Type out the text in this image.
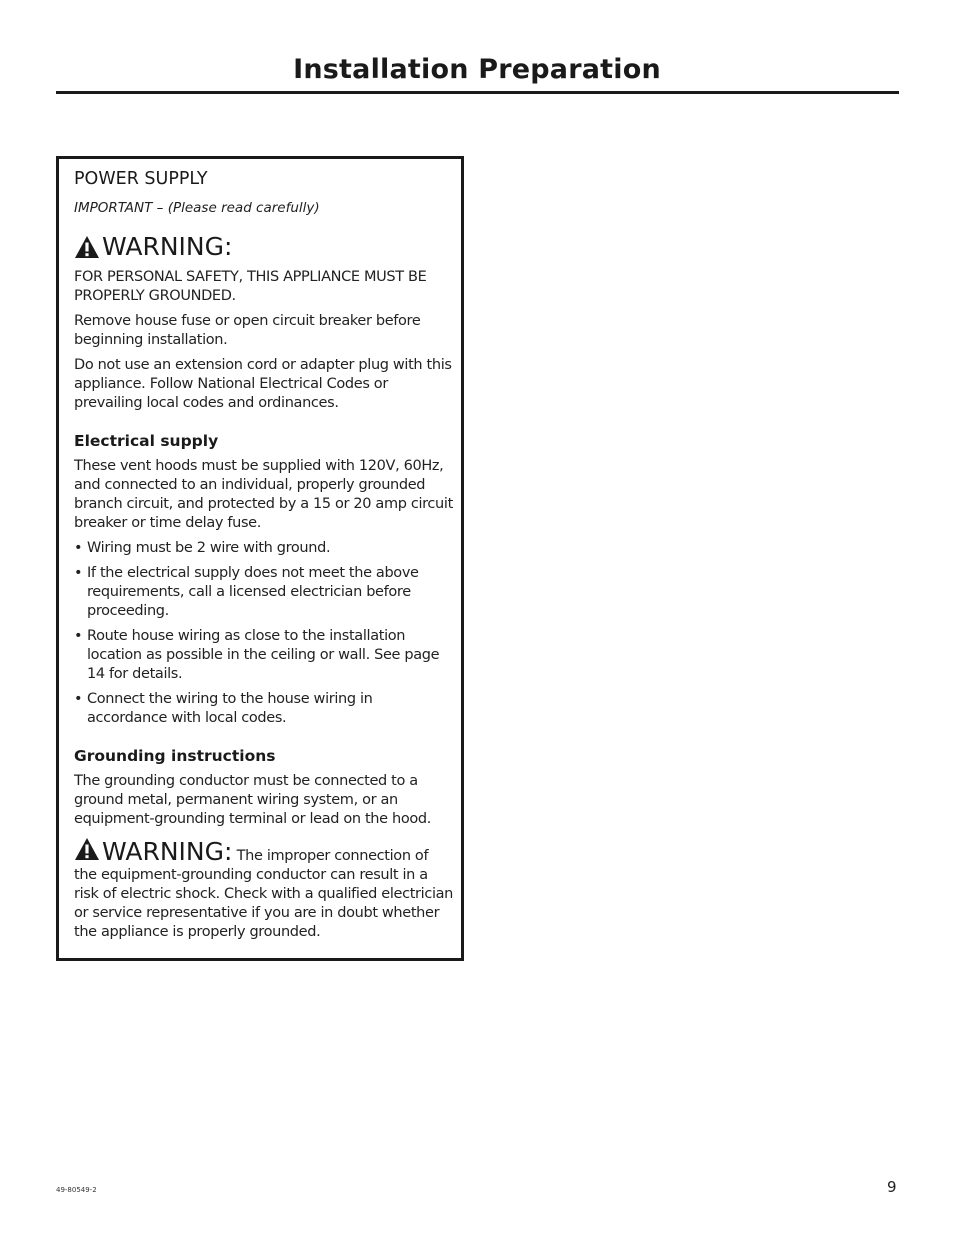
Installation Preparation
POWER SUPPLY
IMPORTANT – (Please read carefully)
WARNING:

FOR PERSONAL SAFETY, THIS APPLIANCE MUST BE PROPERLY GROUNDED.

Remove house fuse or open circuit breaker before beginning installation.

Do not use an extension cord or adapter plug with this appliance. Follow National Electrical Codes or prevailing local codes and ordinances.

Electrical supply

These vent hoods must be supplied with 120V, 60Hz, and connected to an individual, properly grounded branch circuit, and protected by a 15 or 20 amp circuit breaker or time delay fuse.

• Wiring must be 2 wire with ground.
• If the electrical supply does not meet the above requirements, call a licensed electrician before proceeding.
• Route house wiring as close to the installation location as possible in the ceiling or wall. See page 14 for details.
• Connect the wiring to the house wiring in accordance with local codes.
Grounding instructions

The grounding conductor must be connected to a ground metal, permanent wiring system, or an equipment-grounding terminal or lead on the hood.

WARNING: The improper connection of the equipment-grounding conductor can result in a risk of electric shock. Check with a qualified electrician or service representative if you are in doubt whether the appliance is properly grounded.
49-80549-2	9
